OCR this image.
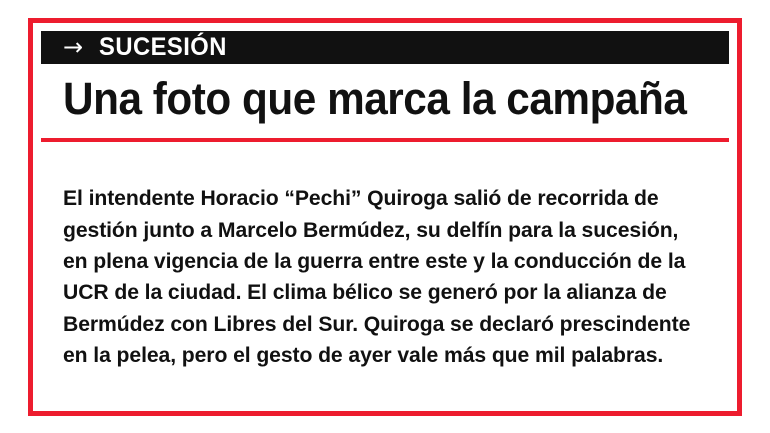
→ SUCESIÓN
Una foto que marca la campaña

El intendente Horacio “Pechi” Quiroga salió de recorrida de gestión junto a Marcelo Bermúdez, su delfín para la sucesión, en plena vigencia de la guerra entre este y la conducción de la UCR de la ciudad. El clima bélico se generó por la alianza de Bermúdez con Libres del Sur. Quiroga se declaró prescindente en la pelea, pero el gesto de ayer vale más que mil palabras.
